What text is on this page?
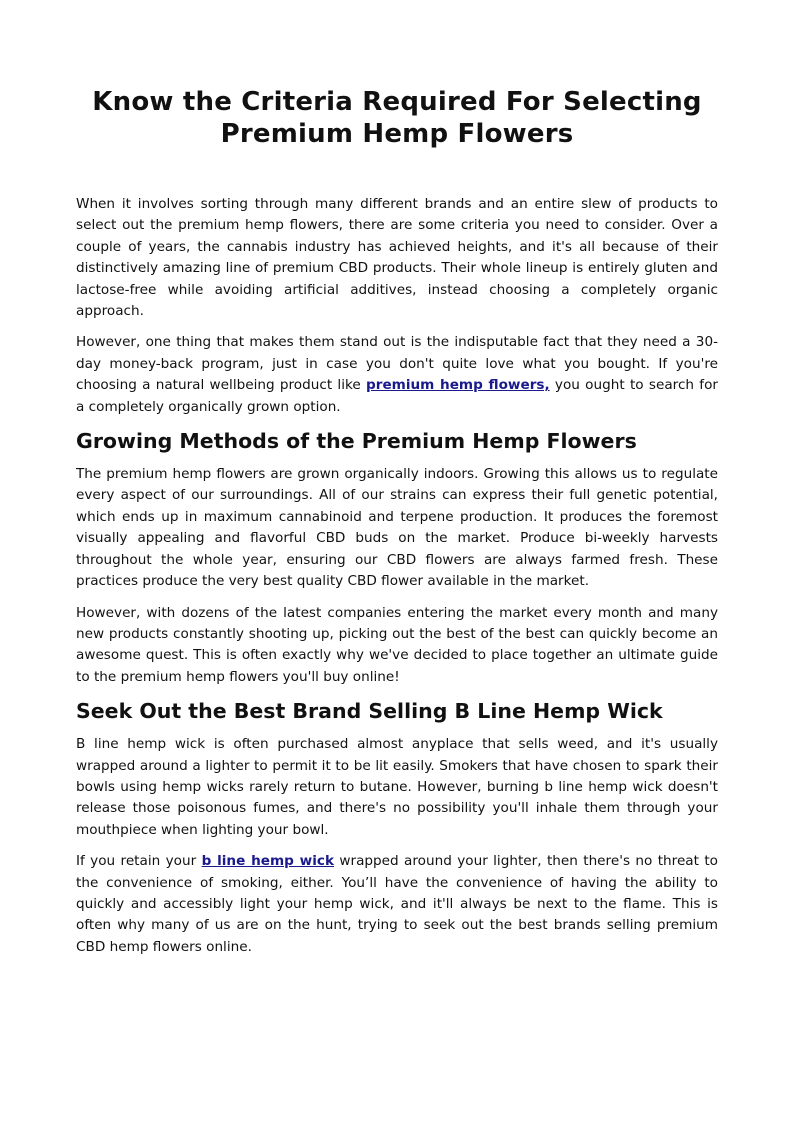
Know the Criteria Required For Selecting Premium Hemp Flowers

When it involves sorting through many different brands and an entire slew of products to select out the premium hemp flowers, there are some criteria you need to consider. Over a couple of years, the cannabis industry has achieved heights, and it's all because of their distinctively amazing line of premium CBD products. Their whole lineup is entirely gluten and lactose-free while avoiding artificial additives, instead choosing a completely organic approach.

However, one thing that makes them stand out is the indisputable fact that they need a 30-day money-back program, just in case you don't quite love what you bought. If you're choosing a natural wellbeing product like premium hemp flowers, you ought to search for a completely organically grown option.

Growing Methods of the Premium Hemp Flowers

The premium hemp flowers are grown organically indoors. Growing this allows us to regulate every aspect of our surroundings. All of our strains can express their full genetic potential, which ends up in maximum cannabinoid and terpene production. It produces the foremost visually appealing and flavorful CBD buds on the market. Produce bi-weekly harvests throughout the whole year, ensuring our CBD flowers are always farmed fresh. These practices produce the very best quality CBD flower available in the market.

However, with dozens of the latest companies entering the market every month and many new products constantly shooting up, picking out the best of the best can quickly become an awesome quest. This is often exactly why we've decided to place together an ultimate guide to the premium hemp flowers you'll buy online!

Seek Out the Best Brand Selling B Line Hemp Wick

B line hemp wick is often purchased almost anyplace that sells weed, and it's usually wrapped around a lighter to permit it to be lit easily. Smokers that have chosen to spark their bowls using hemp wicks rarely return to butane. However, burning b line hemp wick doesn't release those poisonous fumes, and there's no possibility you'll inhale them through your mouthpiece when lighting your bowl.

If you retain your b line hemp wick wrapped around your lighter, then there's no threat to the convenience of smoking, either. You’ll have the convenience of having the ability to quickly and accessibly light your hemp wick, and it'll always be next to the flame. This is often why many of us are on the hunt, trying to seek out the best brands selling premium CBD hemp flowers online.
